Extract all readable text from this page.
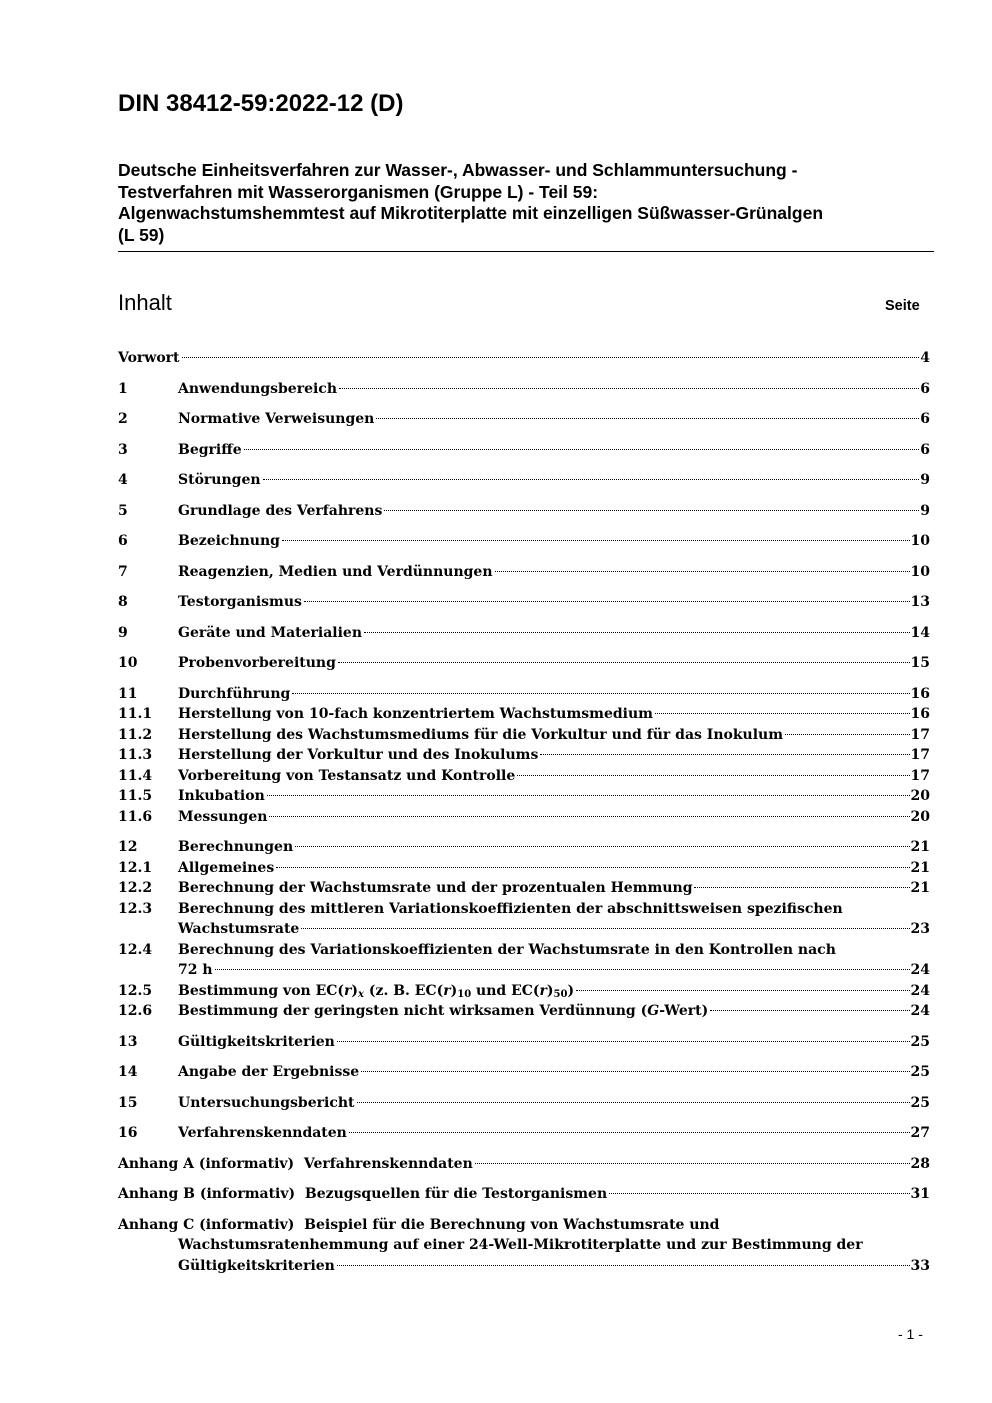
DIN 38412-59:2022-12 (D)
Deutsche Einheitsverfahren zur Wasser-, Abwasser- und Schlammuntersuchung -
Testverfahren mit Wasserorganismen (Gruppe L) - Teil 59:
Algenwachstumshemmtest auf Mikrotiterplatte mit einzelligen Süßwasser-Grünalgen
(L 59)
Inhalt	Seite
Vorwort	4
1	Anwendungsbereich	6
2	Normative Verweisungen	6
3	Begriffe	6
4	Störungen	9
5	Grundlage des Verfahrens	9
6	Bezeichnung	10
7	Reagenzien, Medien und Verdünnungen	10
8	Testorganismus	13
9	Geräte und Materialien	14
10	Probenvorbereitung	15
11	Durchführung	16
11.1 Herstellung von 10-fach konzentriertem Wachstumsmedium	16
11.2 Herstellung des Wachstumsmediums für die Vorkultur und für das Inokulum	17
11.3 Herstellung der Vorkultur und des Inokulums	17
11.4 Vorbereitung von Testansatz und Kontrolle	17
11.5 Inkubation	20
11.6 Messungen	20
12	Berechnungen	21
12.1 Allgemeines	21
12.2 Berechnung der Wachstumsrate und der prozentualen Hemmung	21
12.3 Berechnung des mittleren Variationskoeffizienten der abschnittsweisen spezifischen
Wachstumsrate	23
12.4 Berechnung des Variationskoeffizienten der Wachstumsrate in den Kontrollen nach
72 h	24
12.5 Bestimmung von $EC(r)_x$ (z. B. $EC(r)_{10}$ und $EC(r)_{50}$)	24
12.6 Bestimmung der geringsten nicht wirksamen Verdünnung (G-Wert)	24
13	Gültigkeitskriterien	25
14	Angabe der Ergebnisse	25
15	Untersuchungsbericht	25
16	Verfahrenskenndaten	27
Anhang A (informativ)  Verfahrenskenndaten	28
Anhang B (informativ)  Bezugsquellen für die Testorganismen	31
Anhang C (informativ)  Beispiel für die Berechnung von Wachstumsrate und
Wachstumsratenhemmung auf einer 24-Well-Mikrotiterplatte und zur Bestimmung der
Gültigkeitskriterien	33
- 1 -
